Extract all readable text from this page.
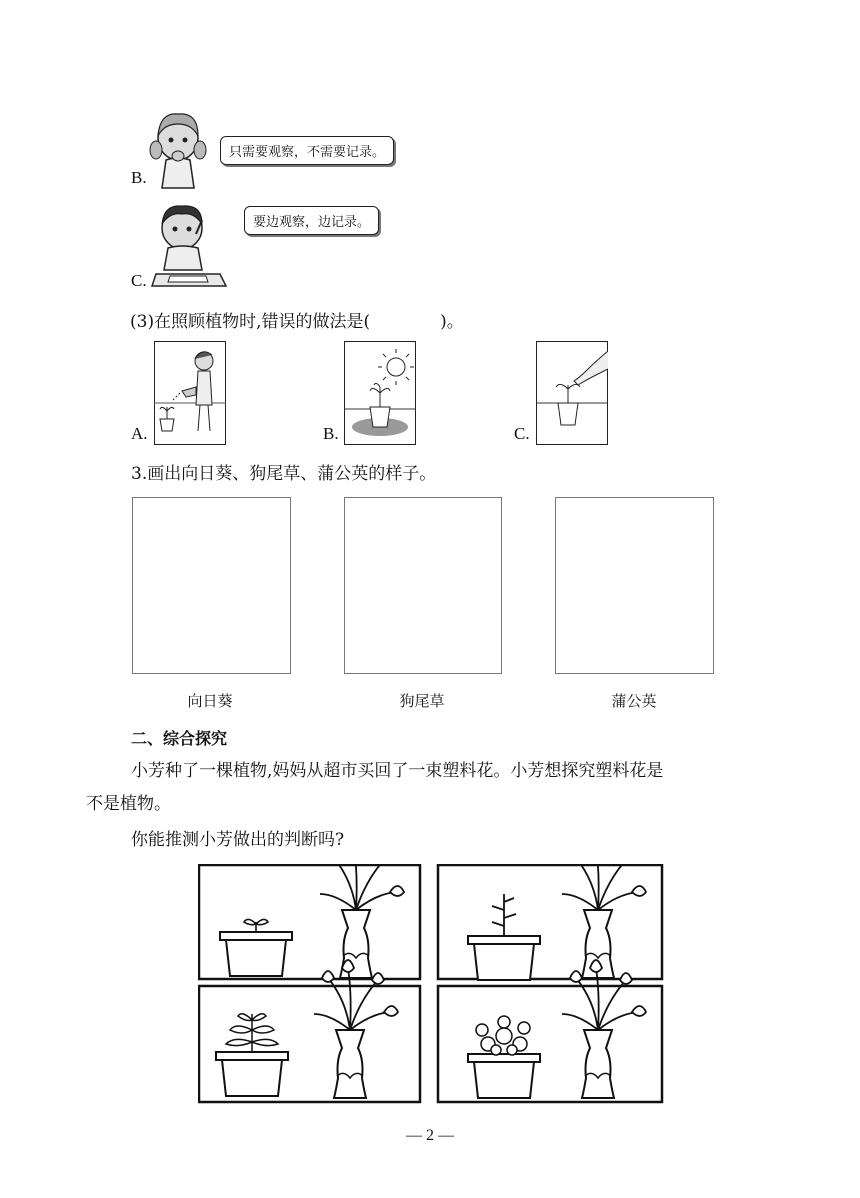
B.
只需要观察，不需要记录。
C.
要边观察，边记录。
(3)在照顾植物时,错误的做法是(	)。
A.	B.	C.
3.画出向日葵、狗尾草、蒲公英的样子。
向日葵	狗尾草	蒲公英
二、综合探究
小芳种了一棵植物,妈妈从超市买回了一束塑料花。小芳想探究塑料花是
不是植物。
你能推测小芳做出的判断吗?
— 2 —
